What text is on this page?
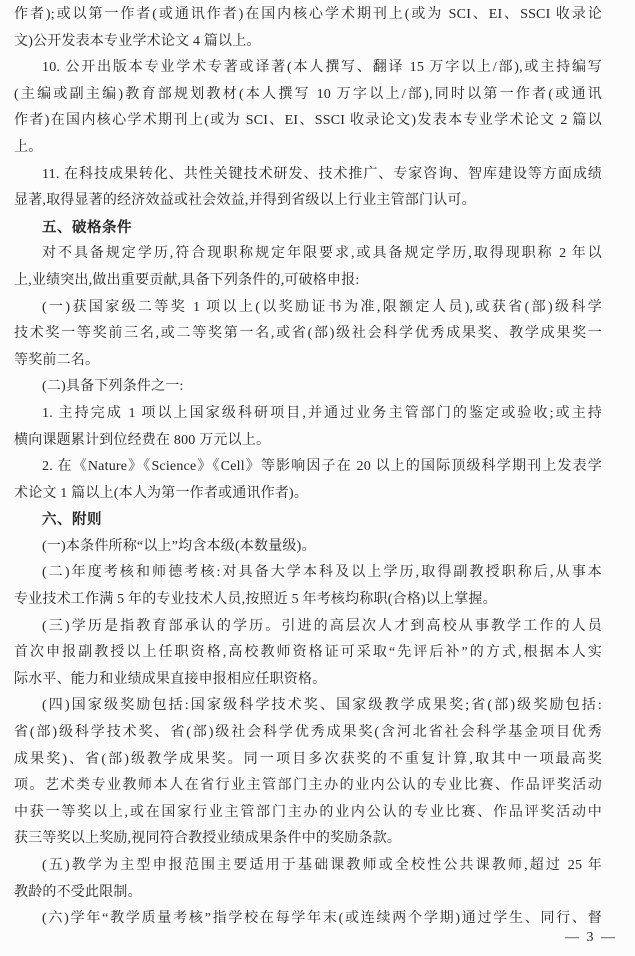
作者);或以第一作者(或通讯作者)在国内核心学术期刊上(或为 SCI、EI、SSCI 收录论
文)公开发表本专业学术论文 4 篇以上。
10. 公开出版本专业学术专著或译著(本人撰写、翻译 15 万字以上/部),或主持编写
(主编或副主编)教育部规划教材(本人撰写 10 万字以上/部),同时以第一作者(或通讯
作者)在国内核心学术期刊上(或为 SCI、EI、SSCI 收录论文)发表本专业学术论文 2 篇以
上。
11. 在科技成果转化、共性关键技术研发、技术推广、专家咨询、智库建设等方面成绩
显著,取得显著的经济效益或社会效益,并得到省级以上行业主管部门认可。
五、破格条件
对不具备规定学历,符合现职称规定年限要求,或具备规定学历,取得现职称 2 年以
上,业绩突出,做出重要贡献,具备下列条件的,可破格申报:
(一)获国家级二等奖 1 项以上(以奖励证书为准,限额定人员),或获省(部)级科学
技术奖一等奖前三名,或二等奖第一名,或省(部)级社会科学优秀成果奖、教学成果奖一
等奖前二名。
(二)具备下列条件之一:
1. 主持完成 1 项以上国家级科研项目,并通过业务主管部门的鉴定或验收;或主持
横向课题累计到位经费在 800 万元以上。
2. 在《Nature》《Science》《Cell》等影响因子在 20 以上的国际顶级科学期刊上发表学
术论文 1 篇以上(本人为第一作者或通讯作者)。
六、附则
(一)本条件所称“以上”均含本级(本数量级)。
(二)年度考核和师德考核:对具备大学本科及以上学历,取得副教授职称后,从事本
专业技术工作满 5 年的专业技术人员,按照近 5 年考核均称职(合格)以上掌握。
(三)学历是指教育部承认的学历。引进的高层次人才到高校从事教学工作的人员
首次申报副教授以上任职资格,高校教师资格证可采取“先评后补”的方式,根据本人实
际水平、能力和业绩成果直接申报相应任职资格。
(四)国家级奖励包括:国家级科学技术奖、国家级教学成果奖;省(部)级奖励包括:
省(部)级科学技术奖、省(部)级社会科学优秀成果奖(含河北省社会科学基金项目优秀
成果奖)、省(部)级教学成果奖。同一项目多次获奖的不重复计算,取其中一项最高奖
项。艺术类专业教师本人在省行业主管部门主办的业内公认的专业比赛、作品评奖活动
中获一等奖以上,或在国家行业主管部门主办的业内公认的专业比赛、作品评奖活动中
获三等奖以上奖励,视同符合教授业绩成果条件中的奖励条款。
(五)教学为主型申报范围主要适用于基础课教师或全校性公共课教师,超过 25 年
教龄的不受此限制。
(六)学年“教学质量考核”指学校在每学年末(或连续两个学期)通过学生、同行、督
— 3 —
